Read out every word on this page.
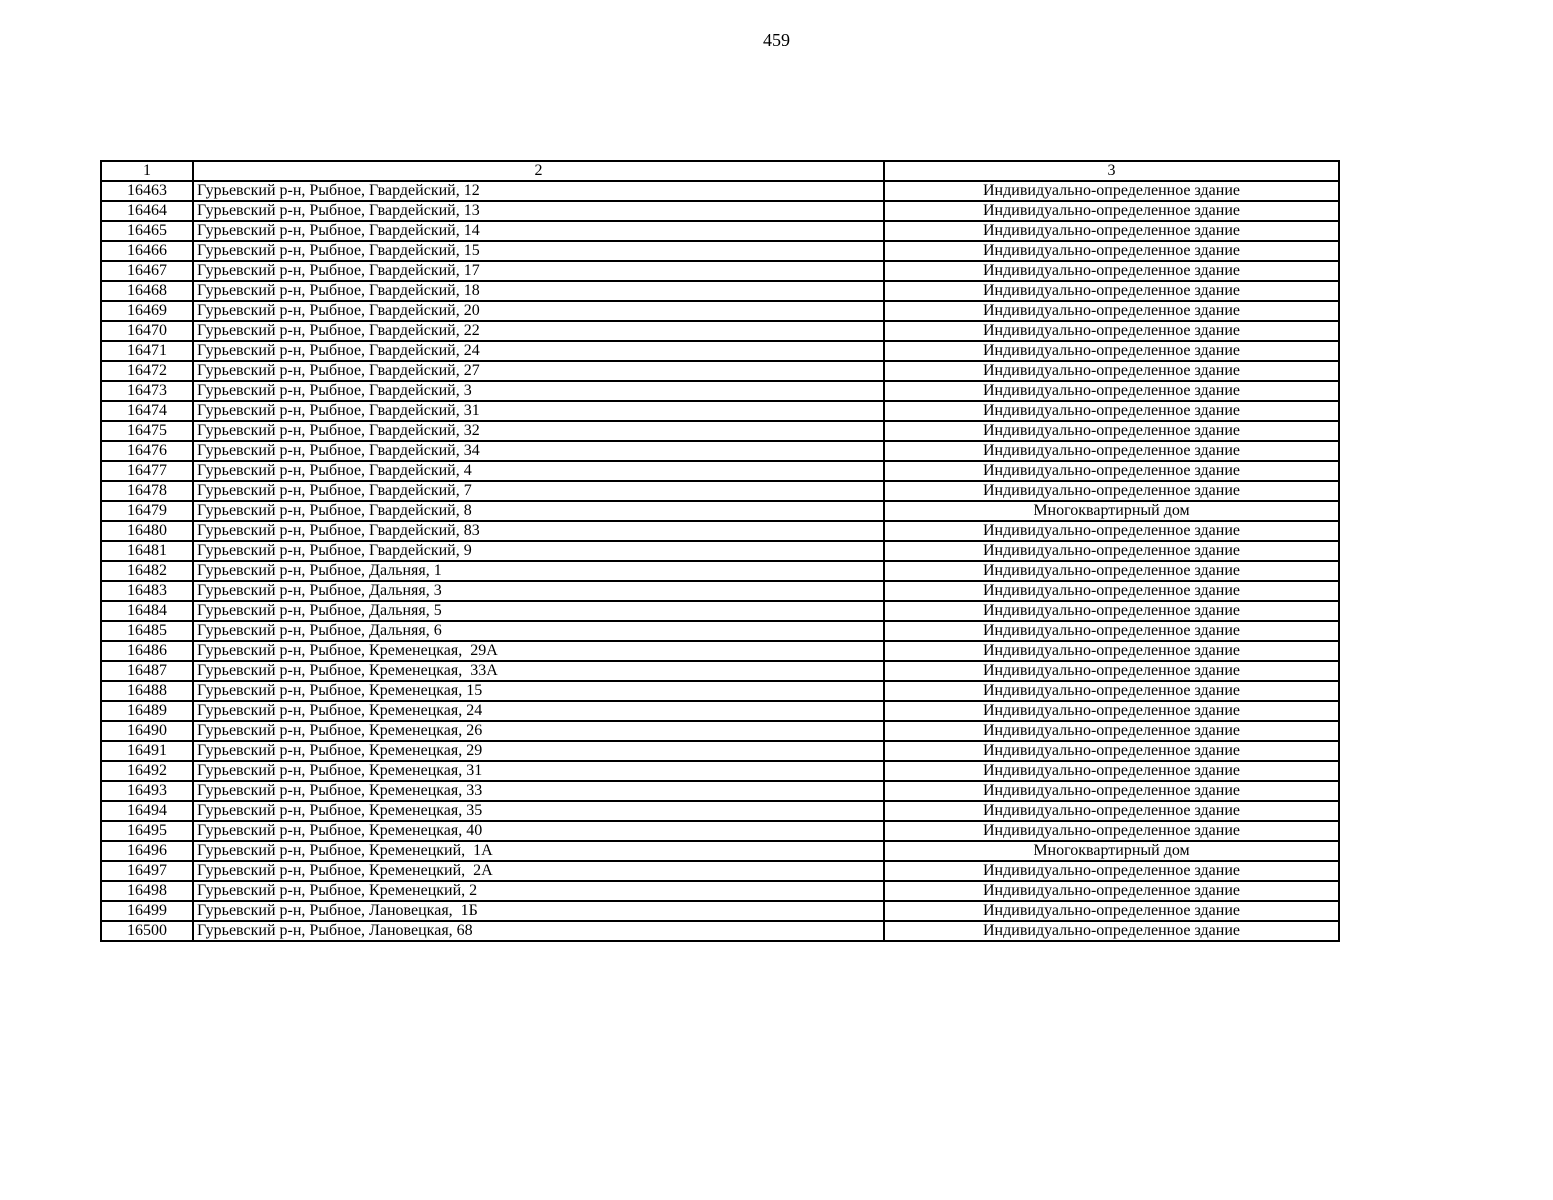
459
1	2	3
16463	Гурьевский р-н, Рыбное, Гвардейский, 12	Индивидуально-определенное здание
16464	Гурьевский р-н, Рыбное, Гвардейский, 13	Индивидуально-определенное здание
16465	Гурьевский р-н, Рыбное, Гвардейский, 14	Индивидуально-определенное здание
16466	Гурьевский р-н, Рыбное, Гвардейский, 15	Индивидуально-определенное здание
16467	Гурьевский р-н, Рыбное, Гвардейский, 17	Индивидуально-определенное здание
16468	Гурьевский р-н, Рыбное, Гвардейский, 18	Индивидуально-определенное здание
16469	Гурьевский р-н, Рыбное, Гвардейский, 20	Индивидуально-определенное здание
16470	Гурьевский р-н, Рыбное, Гвардейский, 22	Индивидуально-определенное здание
16471	Гурьевский р-н, Рыбное, Гвардейский, 24	Индивидуально-определенное здание
16472	Гурьевский р-н, Рыбное, Гвардейский, 27	Индивидуально-определенное здание
16473	Гурьевский р-н, Рыбное, Гвардейский, 3	Индивидуально-определенное здание
16474	Гурьевский р-н, Рыбное, Гвардейский, 31	Индивидуально-определенное здание
16475	Гурьевский р-н, Рыбное, Гвардейский, 32	Индивидуально-определенное здание
16476	Гурьевский р-н, Рыбное, Гвардейский, 34	Индивидуально-определенное здание
16477	Гурьевский р-н, Рыбное, Гвардейский, 4	Индивидуально-определенное здание
16478	Гурьевский р-н, Рыбное, Гвардейский, 7	Индивидуально-определенное здание
16479	Гурьевский р-н, Рыбное, Гвардейский, 8	Многоквартирный дом
16480	Гурьевский р-н, Рыбное, Гвардейский, 83	Индивидуально-определенное здание
16481	Гурьевский р-н, Рыбное, Гвардейский, 9	Индивидуально-определенное здание
16482	Гурьевский р-н, Рыбное, Дальняя, 1	Индивидуально-определенное здание
16483	Гурьевский р-н, Рыбное, Дальняя, 3	Индивидуально-определенное здание
16484	Гурьевский р-н, Рыбное, Дальняя, 5	Индивидуально-определенное здание
16485	Гурьевский р-н, Рыбное, Дальняя, 6	Индивидуально-определенное здание
16486	Гурьевский р-н, Рыбное, Кременецкая,  29А	Индивидуально-определенное здание
16487	Гурьевский р-н, Рыбное, Кременецкая,  33А	Индивидуально-определенное здание
16488	Гурьевский р-н, Рыбное, Кременецкая, 15	Индивидуально-определенное здание
16489	Гурьевский р-н, Рыбное, Кременецкая, 24	Индивидуально-определенное здание
16490	Гурьевский р-н, Рыбное, Кременецкая, 26	Индивидуально-определенное здание
16491	Гурьевский р-н, Рыбное, Кременецкая, 29	Индивидуально-определенное здание
16492	Гурьевский р-н, Рыбное, Кременецкая, 31	Индивидуально-определенное здание
16493	Гурьевский р-н, Рыбное, Кременецкая, 33	Индивидуально-определенное здание
16494	Гурьевский р-н, Рыбное, Кременецкая, 35	Индивидуально-определенное здание
16495	Гурьевский р-н, Рыбное, Кременецкая, 40	Индивидуально-определенное здание
16496	Гурьевский р-н, Рыбное, Кременецкий,  1А	Многоквартирный дом
16497	Гурьевский р-н, Рыбное, Кременецкий,  2А	Индивидуально-определенное здание
16498	Гурьевский р-н, Рыбное, Кременецкий, 2	Индивидуально-определенное здание
16499	Гурьевский р-н, Рыбное, Лановецкая,  1Б	Индивидуально-определенное здание
16500	Гурьевский р-н, Рыбное, Лановецкая, 68	Индивидуально-определенное здание
